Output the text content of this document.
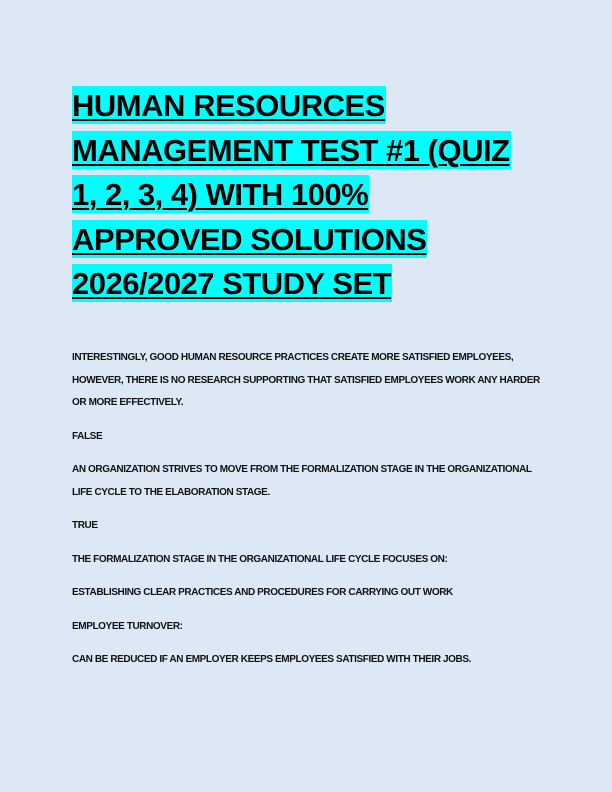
HUMAN RESOURCES MANAGEMENT TEST #1 (QUIZ 1, 2, 3, 4) WITH 100% APPROVED SOLUTIONS 2026/2027 STUDY SET

INTERESTINGLY, GOOD HUMAN RESOURCE PRACTICES CREATE MORE SATISFIED EMPLOYEES, HOWEVER, THERE IS NO RESEARCH SUPPORTING THAT SATISFIED EMPLOYEES WORK ANY HARDER OR MORE EFFECTIVELY.

FALSE

AN ORGANIZATION STRIVES TO MOVE FROM THE FORMALIZATION STAGE IN THE ORGANIZATIONAL LIFE CYCLE TO THE ELABORATION STAGE.

TRUE

THE FORMALIZATION STAGE IN THE ORGANIZATIONAL LIFE CYCLE FOCUSES ON:

ESTABLISHING CLEAR PRACTICES AND PROCEDURES FOR CARRYING OUT WORK

EMPLOYEE TURNOVER:

CAN BE REDUCED IF AN EMPLOYER KEEPS EMPLOYEES SATISFIED WITH THEIR JOBS.
